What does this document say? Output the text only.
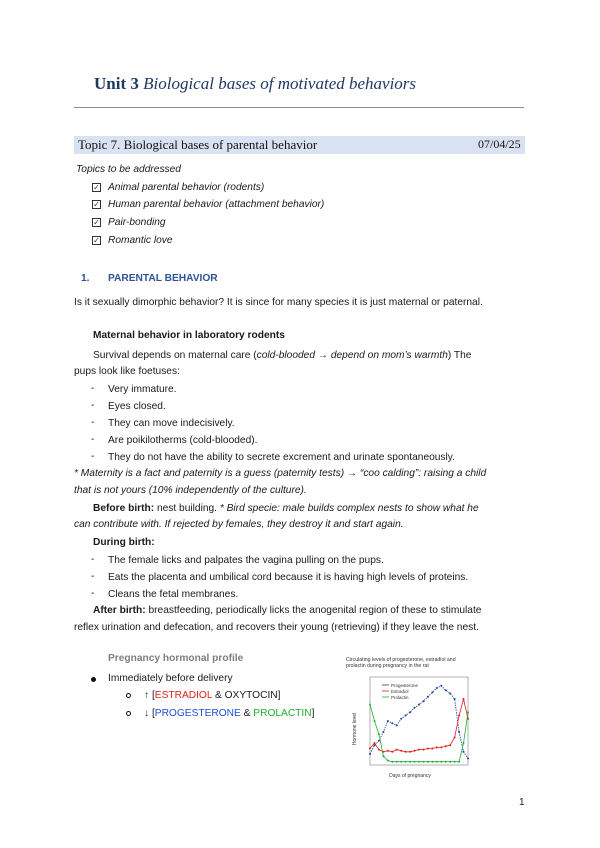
Unit 3 Biological bases of motivated behaviors
Topic 7. Biological bases of parental behavior	07/04/25
Topics to be addressed
✓ Animal parental behavior (rodents)
✓ Human parental behavior (attachment behavior)
✓ Pair-bonding
✓ Romantic love
1. PARENTAL BEHAVIOR
Is it sexually dimorphic behavior? It is since for many species it is just maternal or paternal.
Maternal behavior in laboratory rodents
Survival depends on maternal care (cold-blooded → depend on mom’s warmth) The
pups look like foetuses:
- Very immature.
- Eyes closed.
- They can move indecisively.
- Are poikilotherms (cold-blooded).
- They do not have the ability to secrete excrement and urinate spontaneously.
* Maternity is a fact and paternity is a guess (paternity tests) → “coo calding”: raising a child
that is not yours (10% independently of the culture).
Before birth: nest building. * Bird specie: male builds complex nests to show what he
can contribute with. If rejected by females, they destroy it and start again.
During birth:
- The female licks and palpates the vagina pulling on the pups.
- Eats the placenta and umbilical cord because it is having high levels of proteins.
- Cleans the fetal membranes.
After birth: breastfeeding, periodically licks the anogenital region of these to stimulate
reflex urination and defecation, and recovers their young (retrieving) if they leave the nest.
Pregnancy hormonal profile
Immediately before delivery
↑ [ESTRADIOL & OXYTOCIN]
↓ [PROGESTERONE & PROLACTIN]
Circulating levels of progesterone, estradiol and
prolactin during pregnancy in the rat
Hormone level
Days of pregnancy
Progesterone
Estradiol
Prolactin
1
